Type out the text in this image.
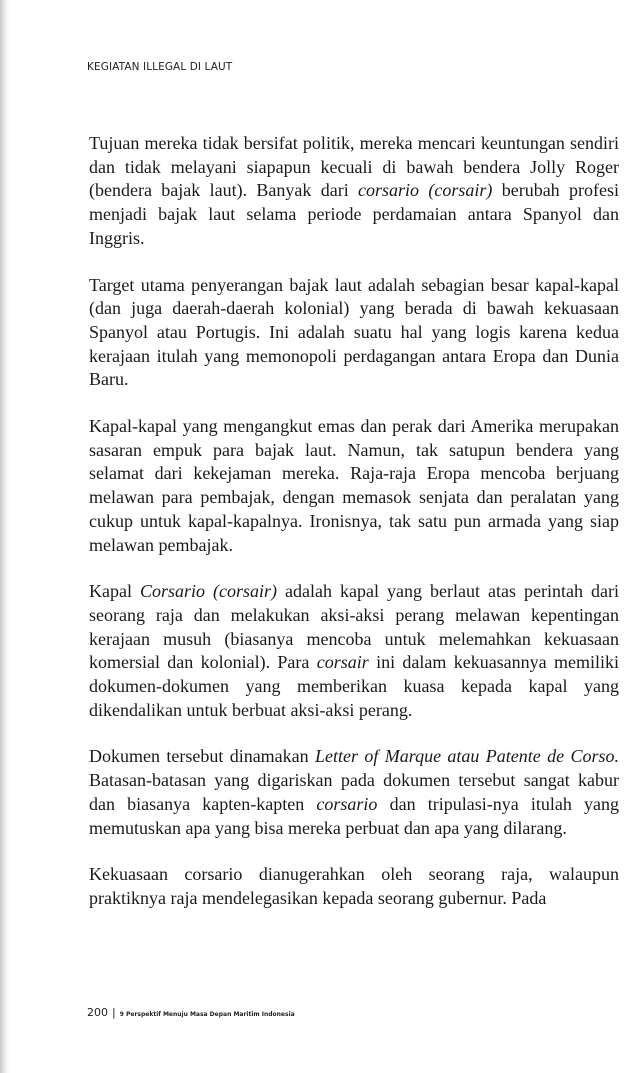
KEGIATAN ILLEGAL DI LAUT

Tujuan mereka tidak bersifat politik, mereka mencari keuntungan sendiri dan tidak melayani siapapun kecuali di bawah bendera Jolly Roger (bendera bajak laut). Banyak dari corsario (corsair) berubah profesi menjadi bajak laut selama periode perdamaian antara Spanyol dan Inggris.

Target utama penyerangan bajak laut adalah sebagian besar kapal-kapal (dan juga daerah-daerah kolonial) yang berada di bawah kekuasaan Spanyol atau Portugis. Ini adalah suatu hal yang logis karena kedua kerajaan itulah yang memonopoli perdagangan antara Eropa dan Dunia Baru.

Kapal-kapal yang mengangkut emas dan perak dari Amerika merupakan sasaran empuk para bajak laut. Namun, tak satupun bendera yang selamat dari kekejaman mereka. Raja-raja Eropa mencoba berjuang melawan para pembajak, dengan memasok senjata dan peralatan yang cukup untuk kapal-kapalnya. Ironisnya, tak satu pun armada yang siap melawan pembajak.

Kapal Corsario (corsair) adalah kapal yang berlaut atas perintah dari seorang raja dan melakukan aksi-aksi perang melawan kepentingan kerajaan musuh (biasanya mencoba untuk melemahkan kekuasaan komersial dan kolonial). Para corsair ini dalam kekuasannya memiliki dokumen-dokumen yang memberikan kuasa kepada kapal yang dikendalikan untuk berbuat aksi-aksi perang.

Dokumen tersebut dinamakan Letter of Marque atau Patente de Corso. Batasan-batasan yang digariskan pada dokumen tersebut sangat kabur dan biasanya kapten-kapten corsario dan tripulasi-nya itulah yang memutuskan apa yang bisa mereka perbuat dan apa yang dilarang.

Kekuasaan corsario dianugerahkan oleh seorang raja, walaupun praktiknya raja mendelegasikan kepada seorang gubernur. Pada

200 | 9 Perspektif Menuju Masa Depan Maritim Indonesia
